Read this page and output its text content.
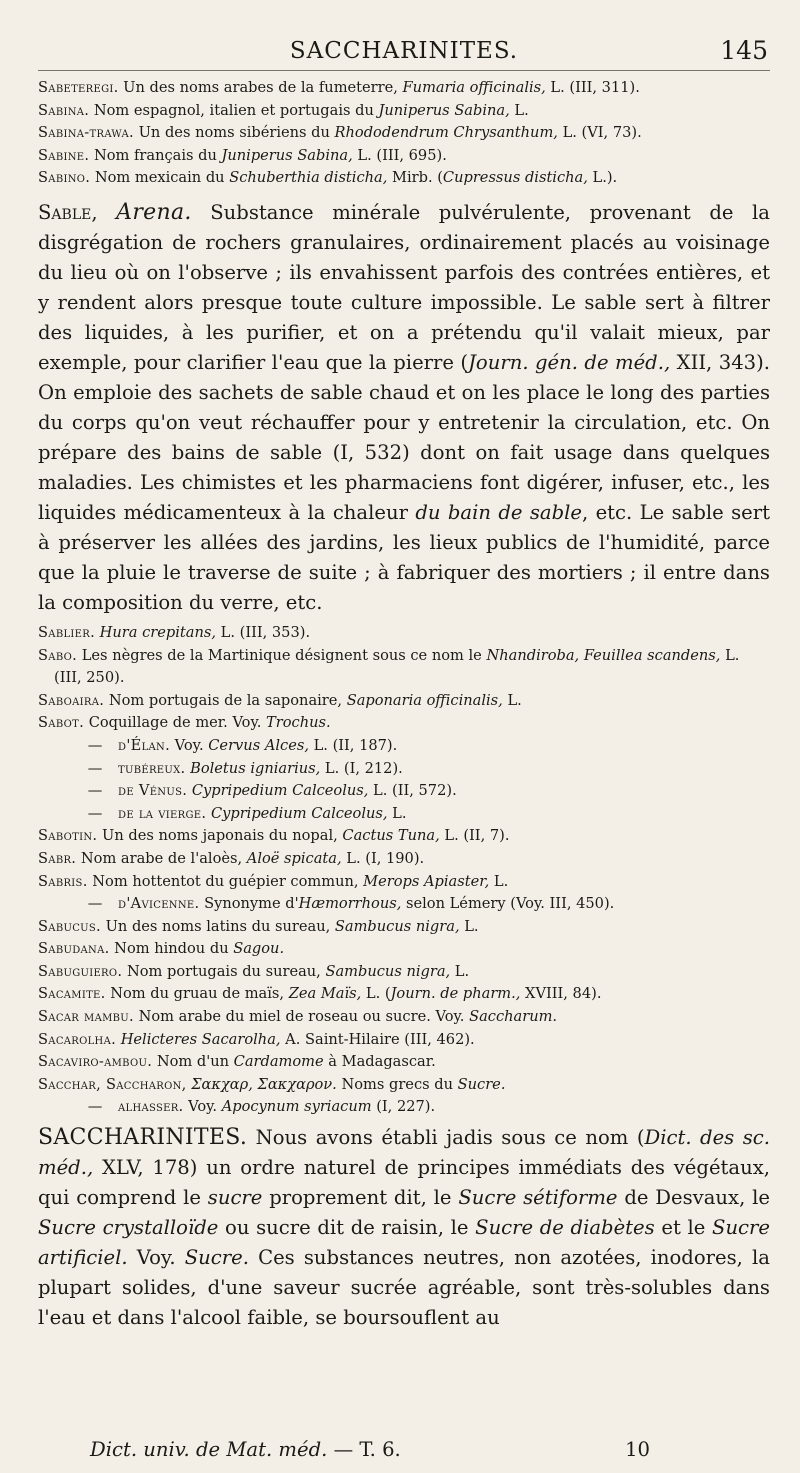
SACCHARINITES.	145
Sabeteregi. Un des noms arabes de la fumeterre, Fumaria officinalis, L. (III, 311).
Sabina. Nom espagnol, italien et portugais du Juniperus Sabina, L.
Sabina-trawa. Un des noms sibériens du Rhododendrum Chrysanthum, L. (VI, 73).
Sabine. Nom français du Juniperus Sabina, L. (III, 695).
Sabino. Nom mexicain du Schuberthia disticha, Mirb. (Cupressus disticha, L.).

Sable, Arena. Substance minérale pulvérulente, provenant de la disgrégation de rochers granulaires, ordinairement placés au voisinage du lieu où on l'observe ; ils envahissent parfois des contrées entières, et y rendent alors presque toute culture impossible. Le sable sert à filtrer des liquides, à les purifier, et on a prétendu qu'il valait mieux, par exemple, pour clarifier l'eau que la pierre (Journ. gén. de méd., XII, 343). On emploie des sachets de sable chaud et on les place le long des parties du corps qu'on veut réchauffer pour y entretenir la circulation, etc. On prépare des bains de sable (I, 532) dont on fait usage dans quelques maladies. Les chimistes et les pharmaciens font digérer, infuser, etc., les liquides médicamenteux à la chaleur du bain de sable, etc. Le sable sert à préserver les allées des jardins, les lieux publics de l'humidité, parce que la pluie le traverse de suite ; à fabriquer des mortiers ; il entre dans la composition du verre, etc.

Sablier. Hura crepitans, L. (III, 353).
Sabo. Les nègres de la Martinique désignent sous ce nom le Nhandiroba, Feuillea scandens, L. (III, 250).
Saboaira. Nom portugais de la saponaire, Saponaria officinalis, L.
Sabot. Coquillage de mer. Voy. Trochus.
— d'Élan. Voy. Cervus Alces, L. (II, 187).
— tubéreux. Boletus igniarius, L. (I, 212).
— de Vénus. Cypripedium Calceolus, L. (II, 572).
— de la vierge. Cypripedium Calceolus, L.
Sabotin. Un des noms japonais du nopal, Cactus Tuna, L. (II, 7).
Sabr. Nom arabe de l'aloès, Aloë spicata, L. (I, 190).
Sabris. Nom hottentot du guépier commun, Merops Apiaster, L.
— d'Avicenne. Synonyme d'Hæmorrhous, selon Lémery (Voy. III, 450).
Sabucus. Un des noms latins du sureau, Sambucus nigra, L.
Sabudana. Nom hindou du Sagou.
Sabuguiero. Nom portugais du sureau, Sambucus nigra, L.
Sacamite. Nom du gruau de maïs, Zea Maïs, L. (Journ. de pharm., XVIII, 84).
Sacar mambu. Nom arabe du miel de roseau ou sucre. Voy. Saccharum.
Sacarolha. Helicteres Sacarolha, A. Saint-Hilaire (III, 462).
Sacaviro-ambou. Nom d'un Cardamome à Madagascar.
Sacchar, Saccharon, Σακχαρ, Σακχαρον. Noms grecs du Sucre.
— alhasser. Voy. Apocynum syriacum (I, 227).

SACCHARINITES. Nous avons établi jadis sous ce nom (Dict. des sc. méd., XLV, 178) un ordre naturel de principes immédiats des végétaux, qui comprend le sucre proprement dit, le Sucre sétiforme de Desvaux, le Sucre crystalloïde ou sucre dit de raisin, le Sucre de diabètes et le Sucre artificiel. Voy. Sucre. Ces substances neutres, non azotées, inodores, la plupart solides, d'une saveur sucrée agréable, sont très-solubles dans l'eau et dans l'alcool faible, se boursouflent au

Dict. univ. de Mat. méd. — T. 6.	10
